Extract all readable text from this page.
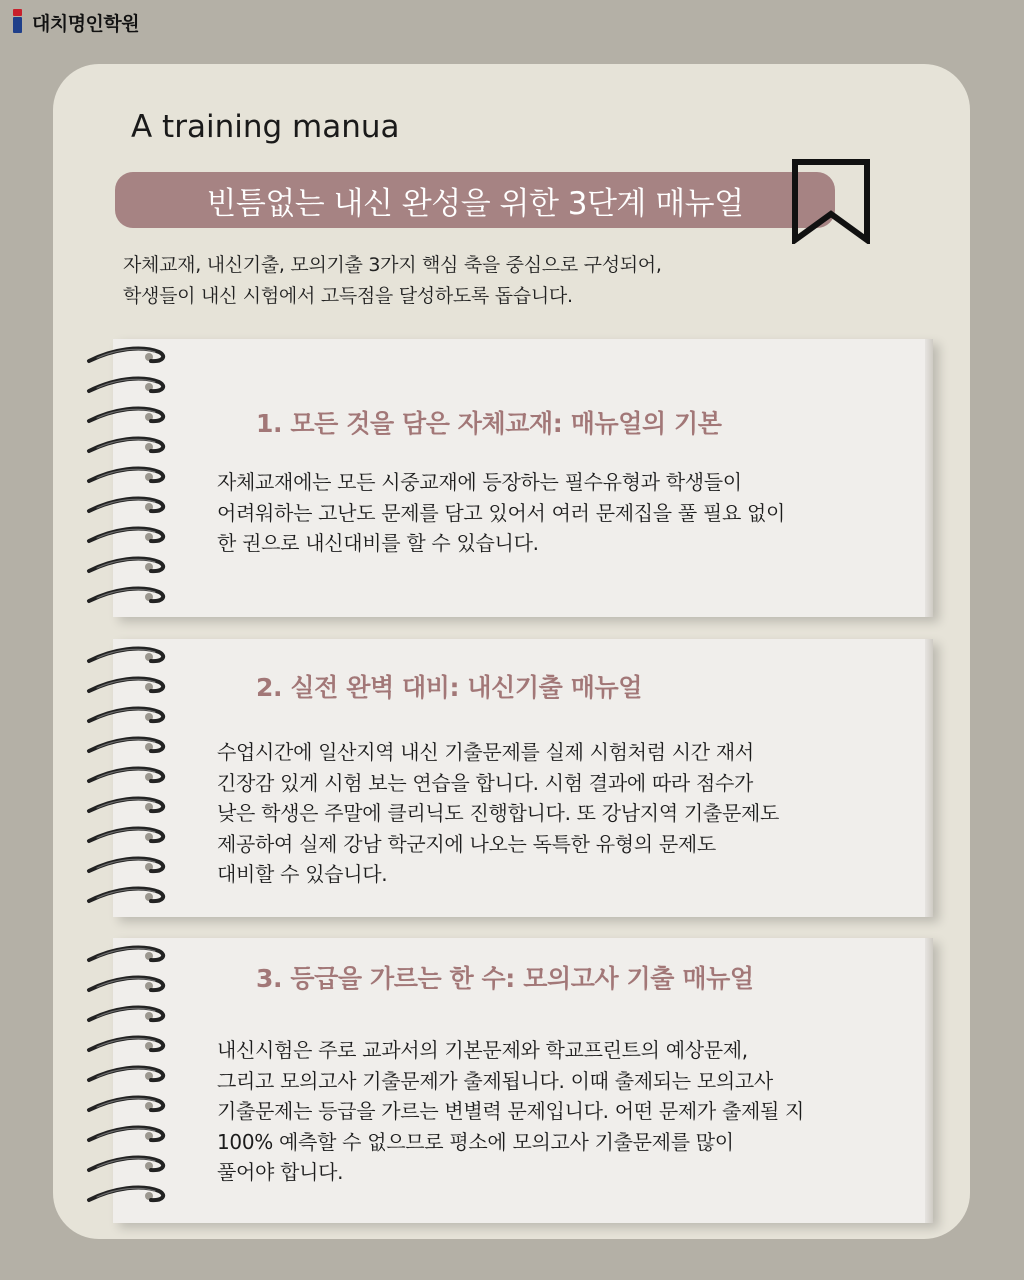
대치명인학원
A training manua
빈틈없는 내신 완성을 위한 3단계 매뉴얼
자체교재, 내신기출, 모의기출 3가지 핵심 축을 중심으로 구성되어,
학생들이 내신 시험에서 고득점을 달성하도록 돕습니다.
1. 모든 것을 담은 자체교재: 매뉴얼의 기본
자체교재에는 모든 시중교재에 등장하는 필수유형과 학생들이
어려워하는 고난도 문제를 담고 있어서 여러 문제집을 풀 필요 없이
한 권으로 내신대비를 할 수 있습니다.
2. 실전 완벽 대비: 내신기출 매뉴얼
수업시간에 일산지역 내신 기출문제를 실제 시험처럼 시간 재서
긴장감 있게 시험 보는 연습을 합니다. 시험 결과에 따라 점수가
낮은 학생은 주말에 클리닉도 진행합니다. 또 강남지역 기출문제도
제공하여 실제 강남 학군지에 나오는 독특한 유형의 문제도
대비할 수 있습니다.
3. 등급을 가르는 한 수: 모의고사 기출 매뉴얼
내신시험은 주로 교과서의 기본문제와 학교프린트의 예상문제,
그리고 모의고사 기출문제가 출제됩니다. 이때 출제되는 모의고사
기출문제는 등급을 가르는 변별력 문제입니다. 어떤 문제가 출제될 지
100% 예측할 수 없으므로 평소에 모의고사 기출문제를 많이
풀어야 합니다.
